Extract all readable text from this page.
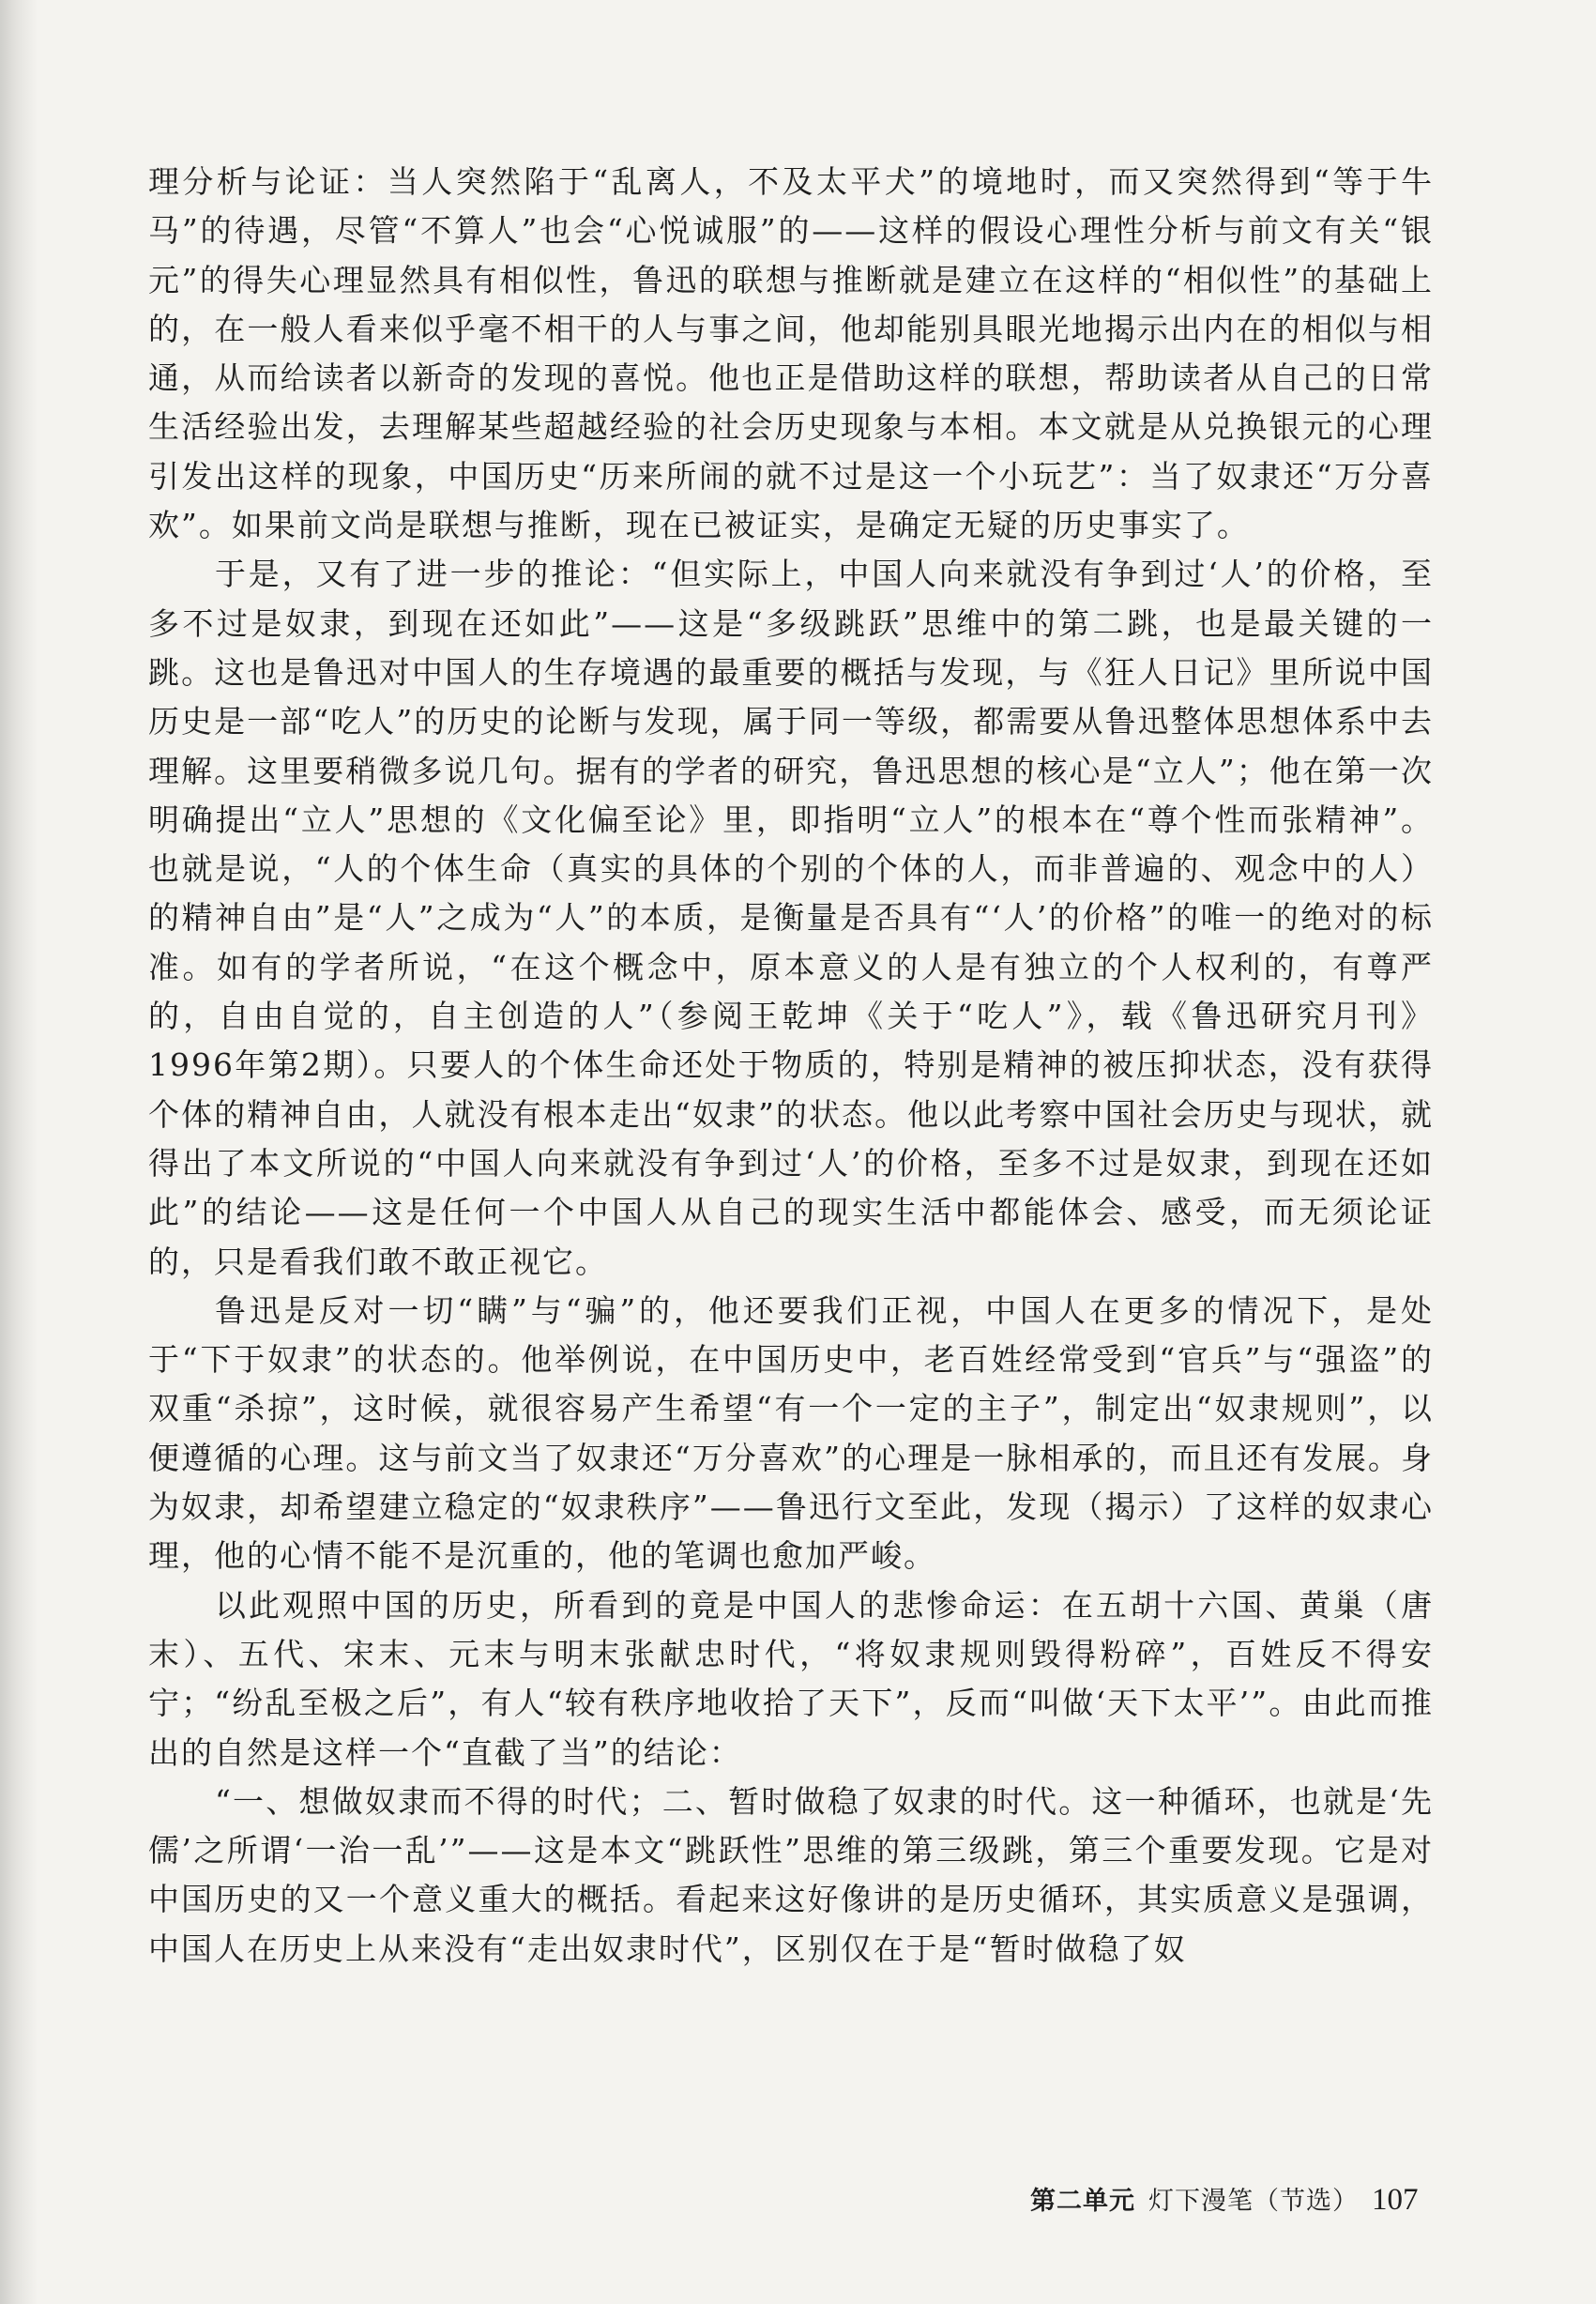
理分析与论证：当人突然陷于“乱离人，不及太平犬”的境地时，而又突然得到“等于牛马”的待遇，尽管“不算人”也会“心悦诚服”的——这样的假设心理性分析与前文有关“银元”的得失心理显然具有相似性，鲁迅的联想与推断就是建立在这样的“相似性”的基础上的，在一般人看来似乎毫不相干的人与事之间，他却能别具眼光地揭示出内在的相似与相通，从而给读者以新奇的发现的喜悦。他也正是借助这样的联想，帮助读者从自己的日常生活经验出发，去理解某些超越经验的社会历史现象与本相。本文就是从兑换银元的心理引发出这样的现象，中国历史“历来所闹的就不过是这一个小玩艺”：当了奴隶还“万分喜欢”。如果前文尚是联想与推断，现在已被证实，是确定无疑的历史事实了。

于是，又有了进一步的推论：“但实际上，中国人向来就没有争到过‘人’的价格，至多不过是奴隶，到现在还如此”——这是“多级跳跃”思维中的第二跳，也是最关键的一跳。这也是鲁迅对中国人的生存境遇的最重要的概括与发现，与《狂人日记》里所说中国历史是一部“吃人”的历史的论断与发现，属于同一等级，都需要从鲁迅整体思想体系中去理解。这里要稍微多说几句。据有的学者的研究，鲁迅思想的核心是“立人”；他在第一次明确提出“立人”思想的《文化偏至论》里，即指明“立人”的根本在“尊个性而张精神”。也就是说，“人的个体生命（真实的具体的个别的个体的人，而非普遍的、观念中的人）的精神自由”是“人”之成为“人”的本质，是衡量是否具有“‘人’的价格”的唯一的绝对的标准。如有的学者所说，“在这个概念中，原本意义的人是有独立的个人权利的，有尊严的，自由自觉的，自主创造的人”（参阅王乾坤《关于“吃人”》，载《鲁迅研究月刊》1996年第2期）。只要人的个体生命还处于物质的，特别是精神的被压抑状态，没有获得个体的精神自由，人就没有根本走出“奴隶”的状态。他以此考察中国社会历史与现状，就得出了本文所说的“中国人向来就没有争到过‘人’的价格，至多不过是奴隶，到现在还如此”的结论——这是任何一个中国人从自己的现实生活中都能体会、感受，而无须论证的，只是看我们敢不敢正视它。

鲁迅是反对一切“瞒”与“骗”的，他还要我们正视，中国人在更多的情况下，是处于“下于奴隶”的状态的。他举例说，在中国历史中，老百姓经常受到“官兵”与“强盗”的双重“杀掠”，这时候，就很容易产生希望“有一个一定的主子”，制定出“奴隶规则”，以便遵循的心理。这与前文当了奴隶还“万分喜欢”的心理是一脉相承的，而且还有发展。身为奴隶，却希望建立稳定的“奴隶秩序”——鲁迅行文至此，发现（揭示）了这样的奴隶心理，他的心情不能不是沉重的，他的笔调也愈加严峻。

以此观照中国的历史，所看到的竟是中国人的悲惨命运：在五胡十六国、黄巢（唐末）、五代、宋末、元末与明末张献忠时代，“将奴隶规则毁得粉碎”，百姓反不得安宁；“纷乱至极之后”，有人“较有秩序地收拾了天下”，反而“叫做‘天下太平’”。由此而推出的自然是这样一个“直截了当”的结论：

“一、想做奴隶而不得的时代；二、暂时做稳了奴隶的时代。这一种循环，也就是‘先儒’之所谓‘一治一乱’”——这是本文“跳跃性”思维的第三级跳，第三个重要发现。它是对中国历史的又一个意义重大的概括。看起来这好像讲的是历史循环，其实质意义是强调，中国人在历史上从来没有“走出奴隶时代”，区别仅在于是“暂时做稳了奴

第二单元 灯下漫笔（节选） 107
